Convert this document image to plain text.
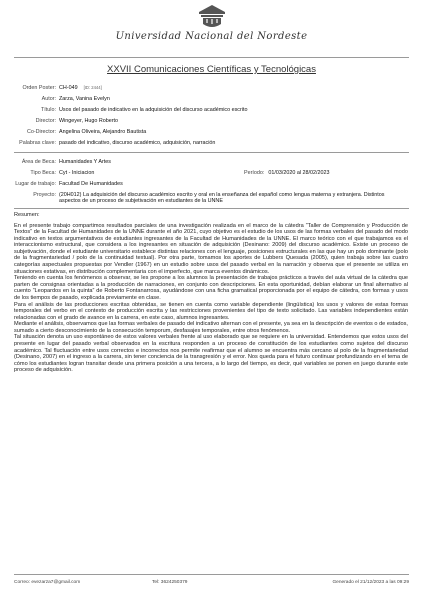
Universidad Nacional del Nordeste
XXVII Comunicaciones Científicas y Tecnológicas
Orden Poster: CH-049 [ID: 2444]
Autor: Zarza, Vanina Evelyn
Título: Usos del pasado de indicativo en la adquisición del discurso académico escrito
Director: Wingeyer, Hugo Roberto
Co-Director: Angelina Oliveira, Alejandro Bautista
Palabras clave: pasado del indicativo, discurso académico, adquisición, narración
Área de Beca: Humanidades Y Artes
Tipo Beca: Cyt - Iniciacion	Período: 01/03/2020 al 28/02/2023
Lugar de trabajo: Facultad De Humanidades
Proyecto: (20H012) La adquisición del discurso académico escrito y oral en la enseñanza del español como lengua materna y extranjera. Distintos aspectos de un proceso de subjetivación en estudiantes de la UNNE
Resumen:

En el presente trabajo compartimos resultados parciales de una investigación realizada en el marco de la cátedra “Taller de Comprensión y Producción de Textos” de la Facultad de Humanidades de la UNNE durante el año 2021, cuyo objetivo es el estudio de los usos de las formas verbales del pasado del modo indicativo en textos argumentativos de estudiantes ingresantes de la Facultad de Humanidades de la UNNE. El marco teórico con el que trabajamos es el interaccionismo estructural, que considera a los ingresantes en situación de adquisición (Desinano: 2009) del discurso académico. Existe un proceso de subjetivación, donde el estudiante universitario establece distintas relaciones con el lenguaje, posiciones estructurales en las que hay un polo dominante (polo de la fragmentariedad / polo de la continuidad textual). Por otra parte, tomamos los aportes de Lubbers Quesada (2005), quien trabaja sobre las cuatro categorías aspectuales propuestas por Vendler (1967) en un estudio sobre usos del pasado verbal en la narración y observa que el presente se utiliza en situaciones estativas, en distribución complementaria con el imperfecto, que marca eventos dinámicos.

Teniendo en cuenta los fenómenos a observar, se les propone a los alumnos la presentación de trabajos prácticos a través del aula virtual de la cátedra que parten de consignas orientadas a la producción de narraciones, en conjunto con descripciones. En esta oportunidad, debían elaborar un final alternativo al cuento “Leopardos en la quinta” de Roberto Fontanarrosa, ayudándose con una ficha gramatical proporcionada por el equipo de cátedra, con formas y usos de los tiempos de pasado, explicada previamente en clase.

Para el análisis de las producciones escritas obtenidas, se tienen en cuenta como variable dependiente (lingüística) los usos y valores de estas formas temporales del verbo en el contexto de producción escrita y las restricciones provenientes del tipo de texto solicitado. Las variables independientes están relacionadas con el grado de avance en la carrera, en este caso, alumnos ingresantes.

Mediante el análisis, observamos que las formas verbales de pasado del indicativo alternan con el presente, ya sea en la descripción de eventos o de estados, sumado a cierto desconocimiento de la consecución temporum, desfasajes temporales, entre otros fenómenos.

Tal situación denota un uso espontáneo de estos valores verbales frente al uso elaborado que se requiere en la universidad. Entendemos que estos usos del presente en lugar del pasado verbal observados en la escritura responden a un proceso de constitución de los estudiantes como sujetos del discurso académico. Tal fluctuación entre usos correctos e incorrectos nos permite reafirmar que el alumno se encuentra más cercano al polo de la fragmentariedad (Desinano, 2007) en el ingreso a la carrera, sin tener conciencia de la transgresión y el error. Nos queda para el futuro continuar profundizando en el tema de cómo los estudiantes logran transitar desde una primera posición a una tercera, a lo largo del tiempo, es decir, qué variables se ponen en juego durante este proceso de adquisición.

Correo: evezarza7@gmail.com	Tel: 3624250379	Generado el 21/12/2023 a las 09:29
